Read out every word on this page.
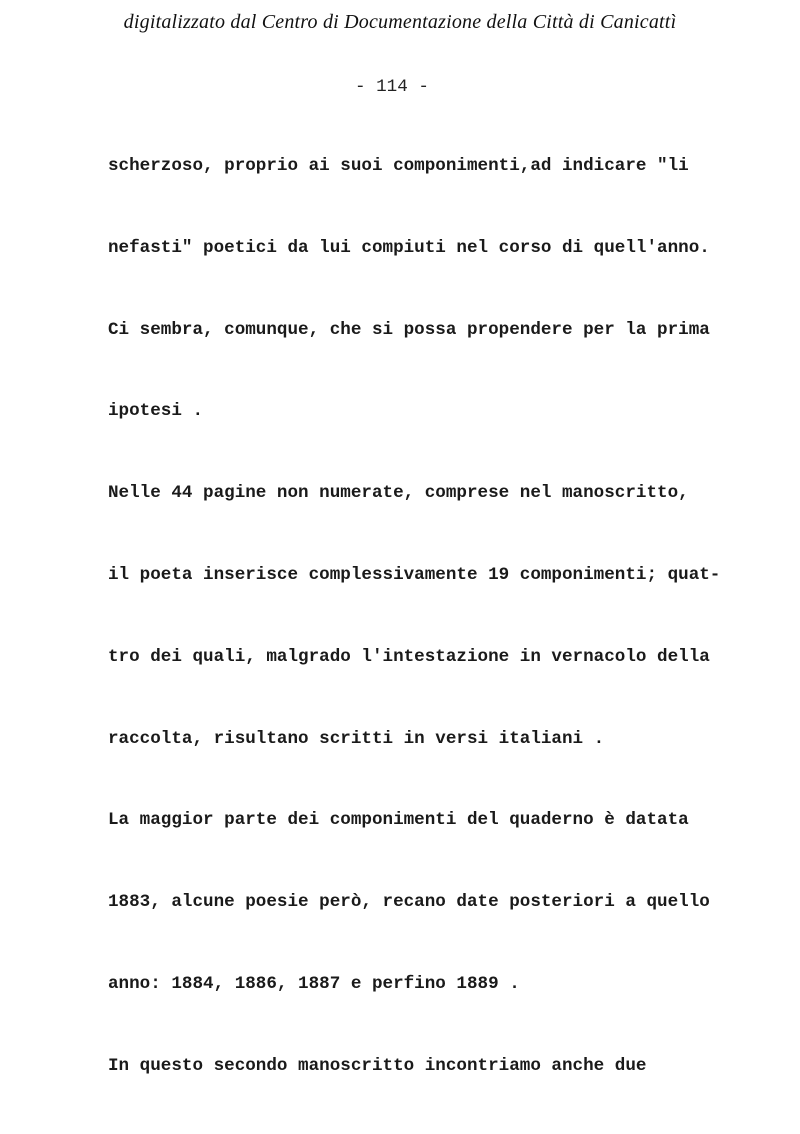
digitalizzato dal Centro di Documentazione della Città di Canicattì
- 114 -
scherzoso, proprio ai suoi componimenti,ad indicare "li
nefasti" poetici da lui compiuti nel corso di quell'anno.
Ci sembra, comunque, che si possa propendere per la prima
ipotesi .
Nelle 44 pagine non numerate, comprese nel manoscritto,
il poeta inserisce complessivamente 19 componimenti; quat-
tro dei quali, malgrado l'intestazione in vernacolo della
raccolta, risultano scritti in versi italiani .
La maggior parte dei componimenti del quaderno è datata
1883, alcune poesie però, recano date posteriori a quello
anno: 1884, 1886, 1887 e perfino 1889 .
In questo secondo manoscritto incontriamo anche due
